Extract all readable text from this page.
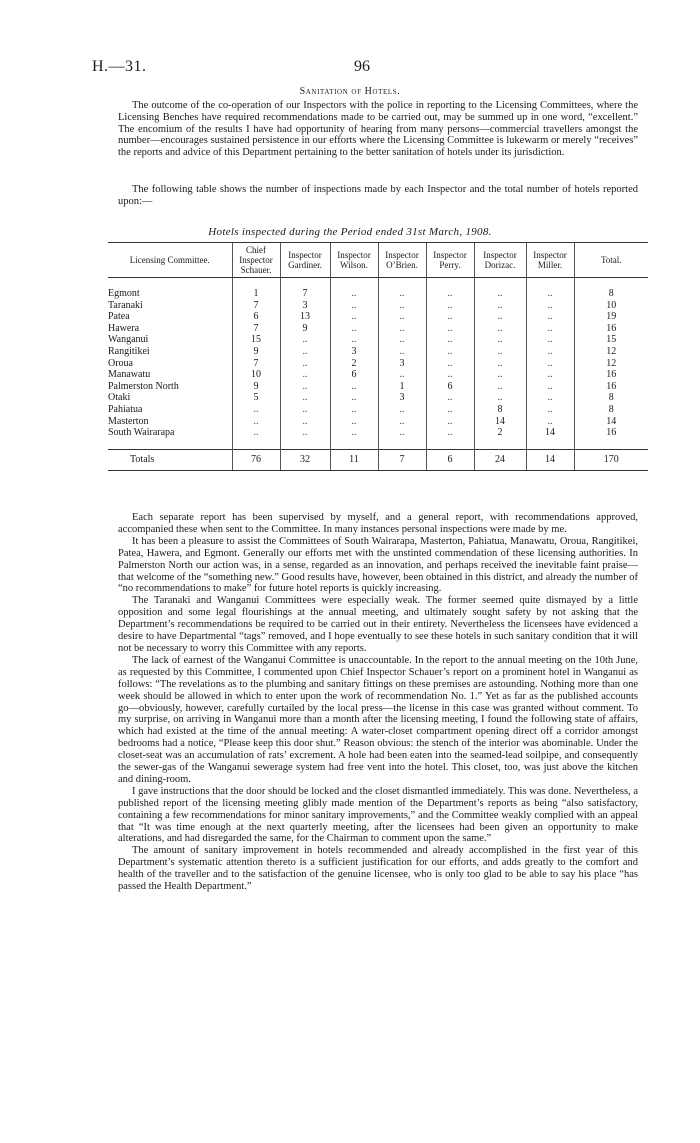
H.—31.	96
Sanitation of Hotels.

The outcome of the co-operation of our Inspectors with the police in reporting to the Licensing Committees, where the Licensing Benches have required recommendations made to be carried out, may be summed up in one word, “excellent.” The encomium of the results I have had opportunity of hearing from many persons—commercial travellers amongst the number—encourages sustained persistence in our efforts where the Licensing Committee is lukewarm or merely “receives” the reports and advice of this Department pertaining to the better sanitation of hotels under its jurisdiction.

The following table shows the number of inspections made by each Inspector and the total number of hotels reported upon:—

Hotels inspected during the Period ended 31st March, 1908.
Licensing Committee.	Chief Inspector Schauer.	Inspector Gardiner.	Inspector Wilson.	Inspector O’Brien.	Inspector Perry.	Inspector Dorizac.	Inspector Miller.	Total.

Egmont	1	7	..	..	..	..	..	8
Taranaki	7	3	..	..	..	..	..	10
Patea	6	13	..	..	..	..	..	19
Hawera	7	9	..	..	..	..	..	16
Wanganui	15	..	..	..	..	..	..	15
Rangitikei	9	..	3	..	..	..	..	12
Oroua	7	..	2	3	..	..	..	12
Manawatu	10	..	6	..	..	..	..	16
Palmerston North	9	..	..	1	6	..	..	16
Otaki	5	..	..	3	..	..	..	8
Pahiatua	..	..	..	..	..	8	..	8
Masterton	..	..	..	..	..	14	..	14
South Wairarapa	..	..	..	..	..	2	14	16

Totals	76	32	11	7	6	24	14	170

Each separate report has been supervised by myself, and a general report, with recommendations approved, accompanied these when sent to the Committee. In many instances personal inspections were made by me.

It has been a pleasure to assist the Committees of South Wairarapa, Masterton, Pahiatua, Manawatu, Oroua, Rangitikei, Patea, Hawera, and Egmont. Generally our efforts met with the unstinted commendation of these licensing authorities. In Palmerston North our action was, in a sense, regarded as an innovation, and perhaps received the inevitable faint praise—that welcome of the “something new.” Good results have, however, been obtained in this district, and already the number of “no recommendations to make” for future hotel reports is quickly increasing.

The Taranaki and Wanganui Committees were especially weak. The former seemed quite dismayed by a little opposition and some legal flourishings at the annual meeting, and ultimately sought safety by not asking that the Department’s recommendations be required to be carried out in their entirety. Nevertheless the licensees have evidenced a desire to have Departmental “tags” removed, and I hope eventually to see these hotels in such sanitary condition that it will not be necessary to worry this Committee with any reports.

The lack of earnest of the Wanganui Committee is unaccountable. In the report to the annual meeting on the 10th June, as requested by this Committee, I commented upon Chief Inspector Schauer’s report on a prominent hotel in Wanganui as follows: “The revelations as to the plumbing and sanitary fittings on these premises are astounding. Nothing more than one week should be allowed in which to enter upon the work of recommendation No. 1.” Yet as far as the published accounts go—obviously, however, carefully curtailed by the local press—the license in this case was granted without comment. To my surprise, on arriving in Wanganui more than a month after the licensing meeting, I found the following state of affairs, which had existed at the time of the annual meeting: A water-closet compartment opening direct off a corridor amongst bedrooms had a notice, “Please keep this door shut.” Reason obvious: the stench of the interior was abominable. Under the closet-seat was an accumulation of rats’ excrement. A hole had been eaten into the seamed-lead soilpipe, and consequently the sewer-gas of the Wanganui sewerage system had free vent into the hotel. This closet, too, was just above the kitchen and dining-room.

I gave instructions that the door should be locked and the closet dismantled immediately. This was done. Nevertheless, a published report of the licensing meeting glibly made mention of the Department’s reports as being “also satisfactory, containing a few recommendations for minor sanitary improvements,” and the Committee weakly complied with an appeal that “It was time enough at the next quarterly meeting, after the licensees had been given an opportunity to make alterations, and had disregarded the same, for the Chairman to comment upon the same.”

The amount of sanitary improvement in hotels recommended and already accomplished in the first year of this Department’s systematic attention thereto is a sufficient justification for our efforts, and adds greatly to the comfort and health of the traveller and to the satisfaction of the genuine licensee, who is only too glad to be able to say his place “has passed the Health Department.”
